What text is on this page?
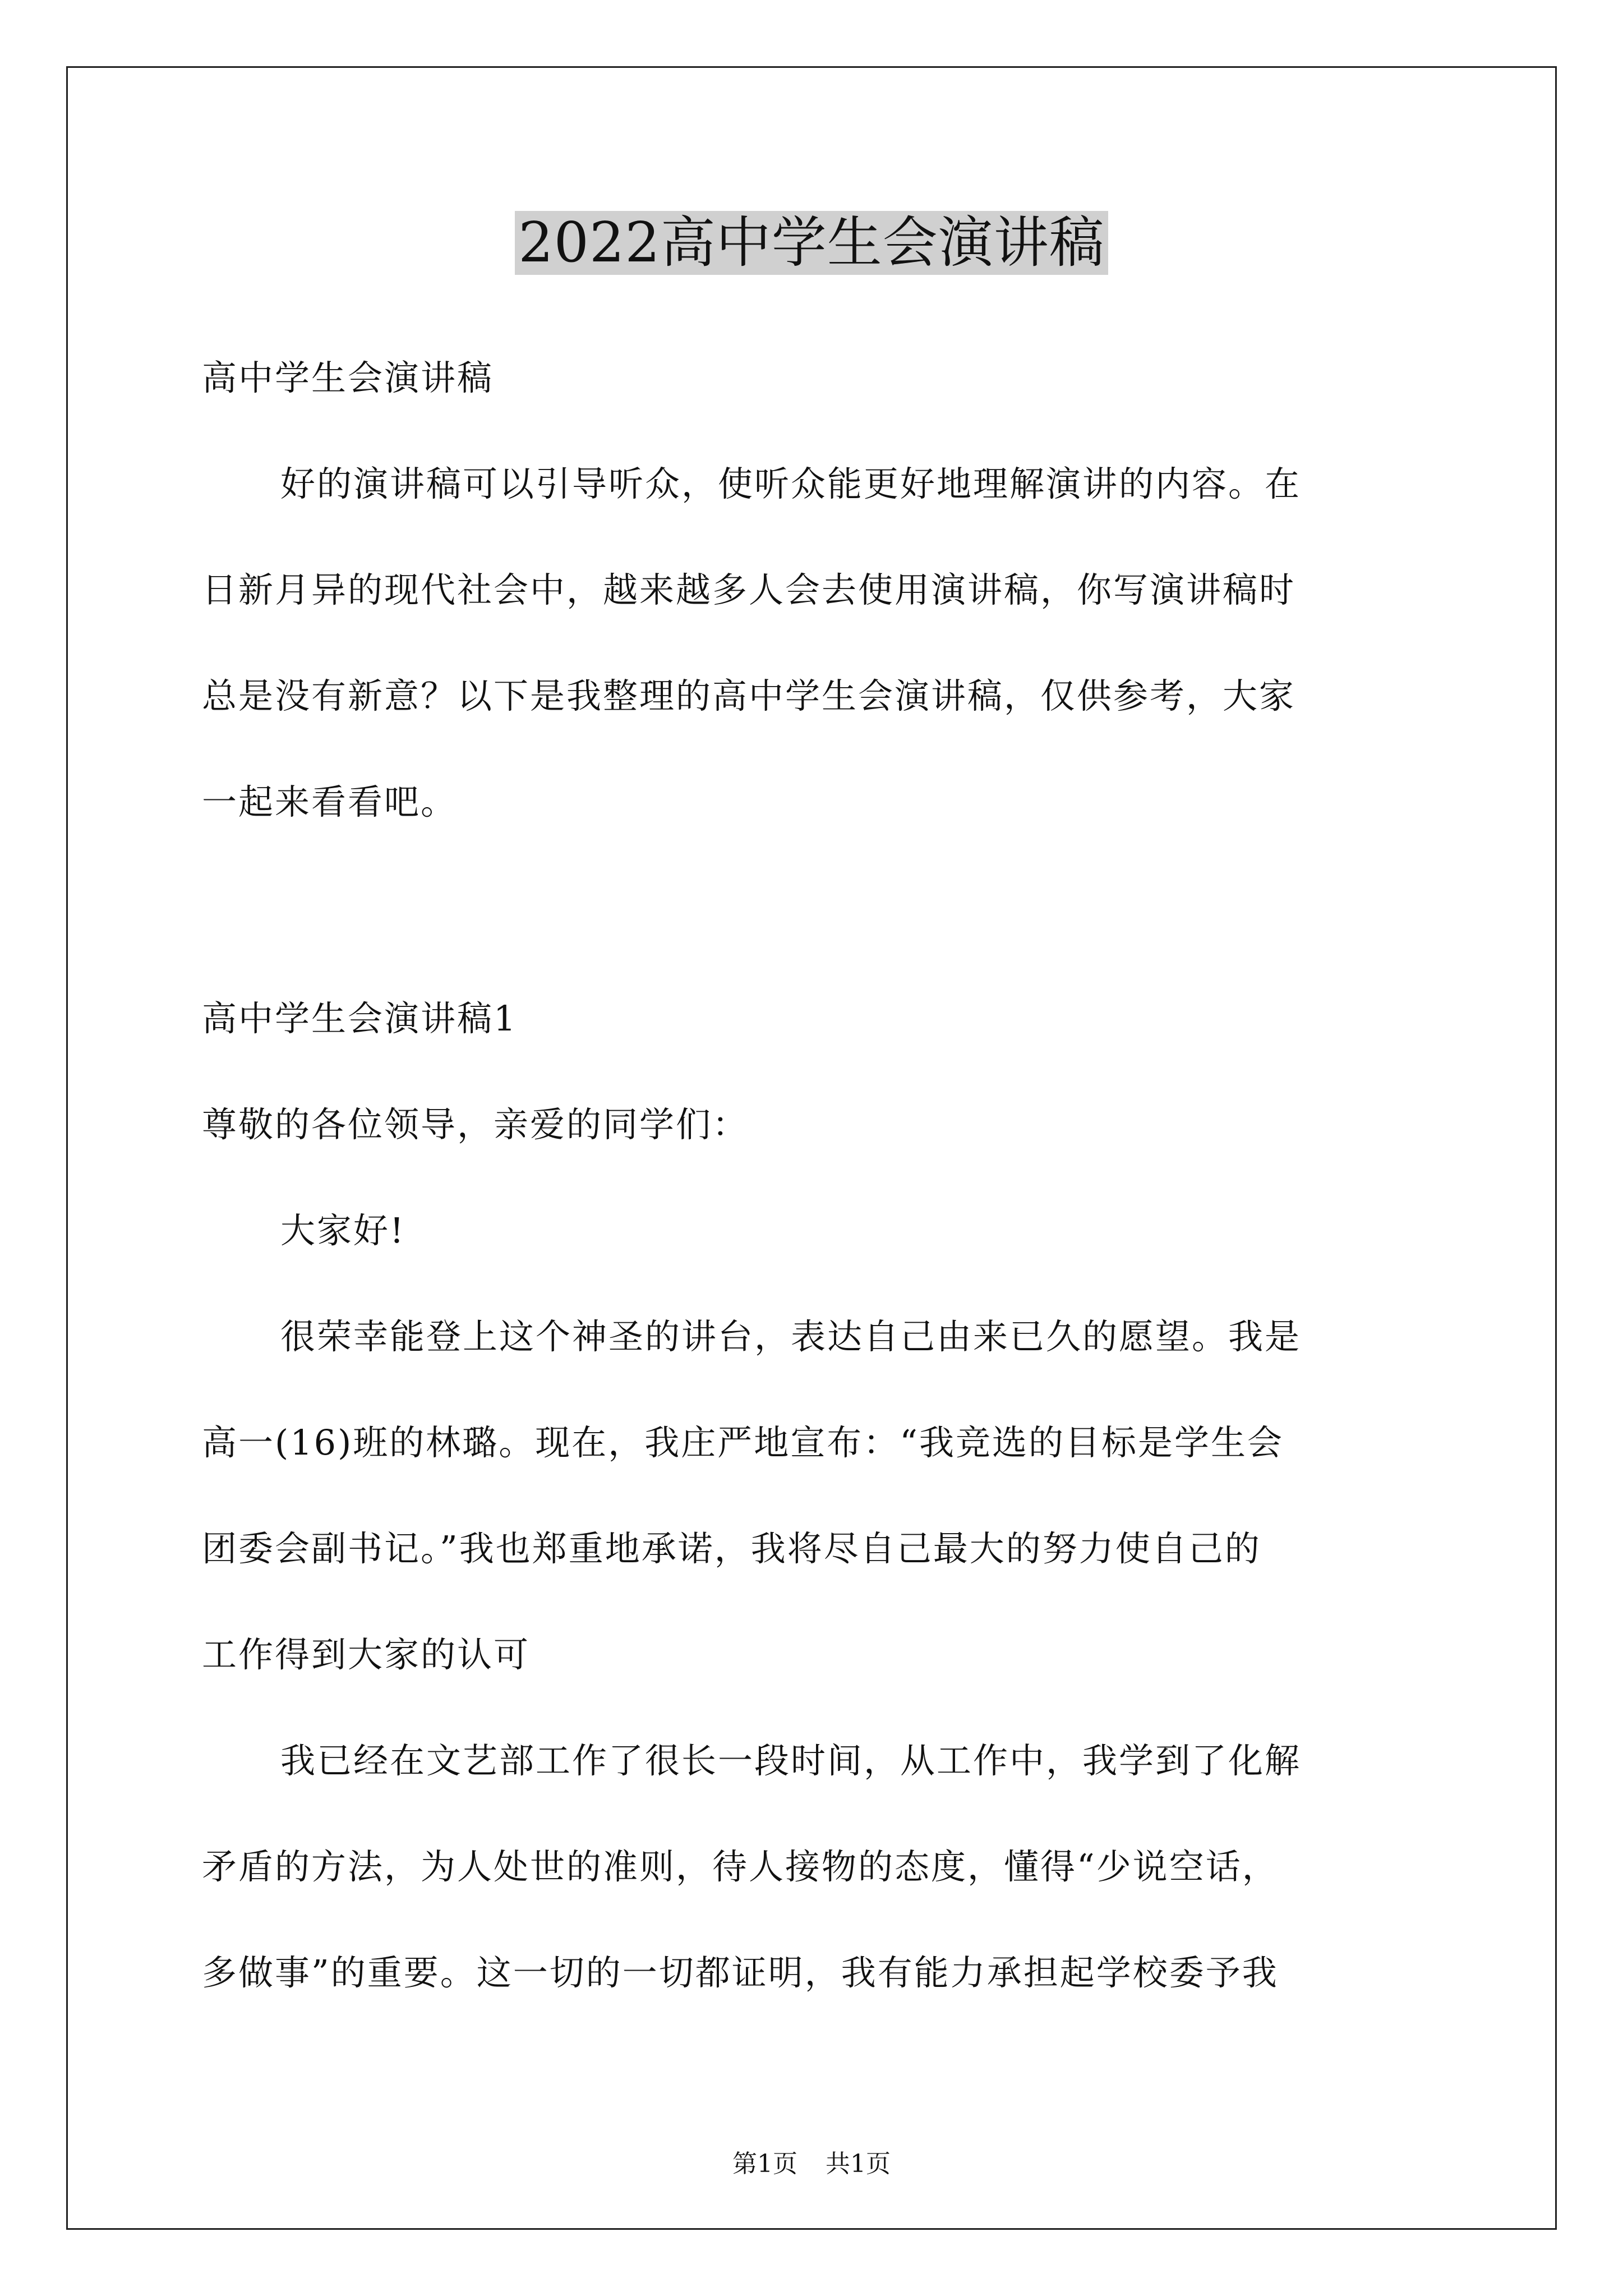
2022高中学生会演讲稿

高中学生会演讲稿

好的演讲稿可以引导听众，使听众能更好地理解演讲的内容。在

日新月异的现代社会中，越来越多人会去使用演讲稿，你写演讲稿时

总是没有新意？以下是我整理的高中学生会演讲稿，仅供参考，大家

一起来看看吧。

高中学生会演讲稿1

尊敬的各位领导，亲爱的同学们：

大家好!

很荣幸能登上这个神圣的讲台，表达自己由来已久的愿望。我是

高一(16)班的林璐。现在，我庄严地宣布：“我竞选的目标是学生会

团委会副书记。”我也郑重地承诺，我将尽自己最大的努力使自己的

工作得到大家的认可

我已经在文艺部工作了很长一段时间，从工作中，我学到了化解

矛盾的方法，为人处世的准则，待人接物的态度，懂得“少说空话，

多做事”的重要。这一切的一切都证明，我有能力承担起学校委予我

第1页 共1页
